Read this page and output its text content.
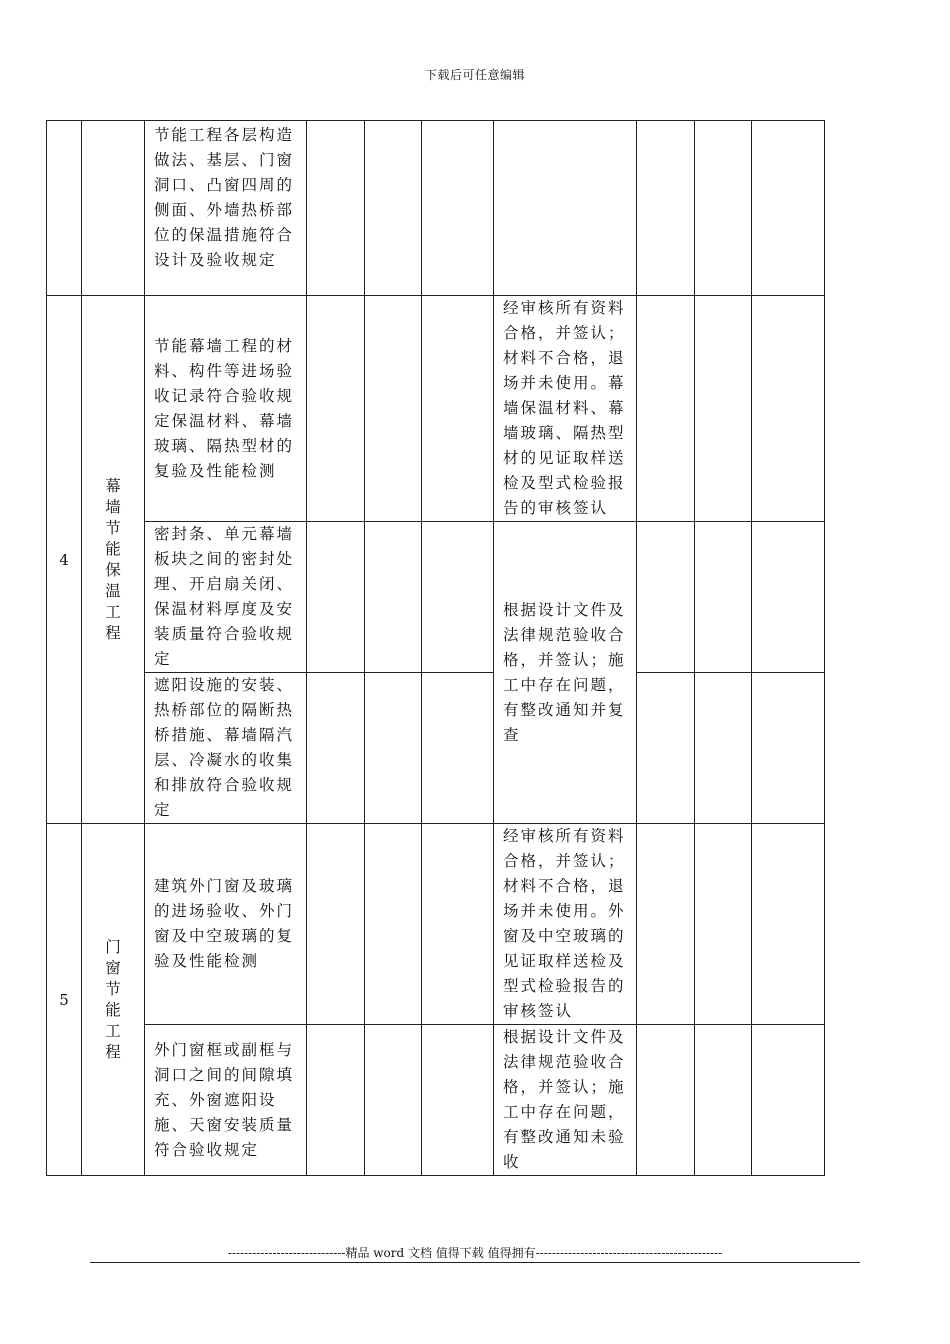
下载后可任意编辑

		节能工程各层构造做法、基层、门窗洞口、凸窗四周的侧面、外墙热桥部位的保温措施符合设计及验收规定							

4	幕墙节能保温工程	节能幕墙工程的材料、构件等进场验收记录符合验收规定保温材料、幕墙玻璃、隔热型材的复验及性能检测				经审核所有资料合格，并签认；材料不合格，退场并未使用。幕墙保温材料、幕墙玻璃、隔热型材的见证取样送检及型式检验报告的审核签认			

		密封条、单元幕墙板块之间的密封处理、开启扇关闭、保温材料厚度及安装质量符合验收规定				根据设计文件及法律规范验收合格，并签认；施工中存在问题，有整改通知并复查			

		遮阳设施的安装、热桥部位的隔断热桥措施、幕墙隔汽层、冷凝水的收集和排放符合验收规定							

5	门窗节能工程	建筑外门窗及玻璃的进场验收、外门窗及中空玻璃的复验及性能检测				经审核所有资料合格，并签认；材料不合格，退场并未使用。外窗及中空玻璃的见证取样送检及型式检验报告的审核签认			

		外门窗框或副框与洞口之间的间隙填充、外窗遮阳设施、天窗安装质量符合验收规定				根据设计文件及法律规范验收合格，并签认；施工中存在问题，有整改通知未验收			

-----------------------------精品 word 文档 值得下载 值得拥有----------------------------------------------
